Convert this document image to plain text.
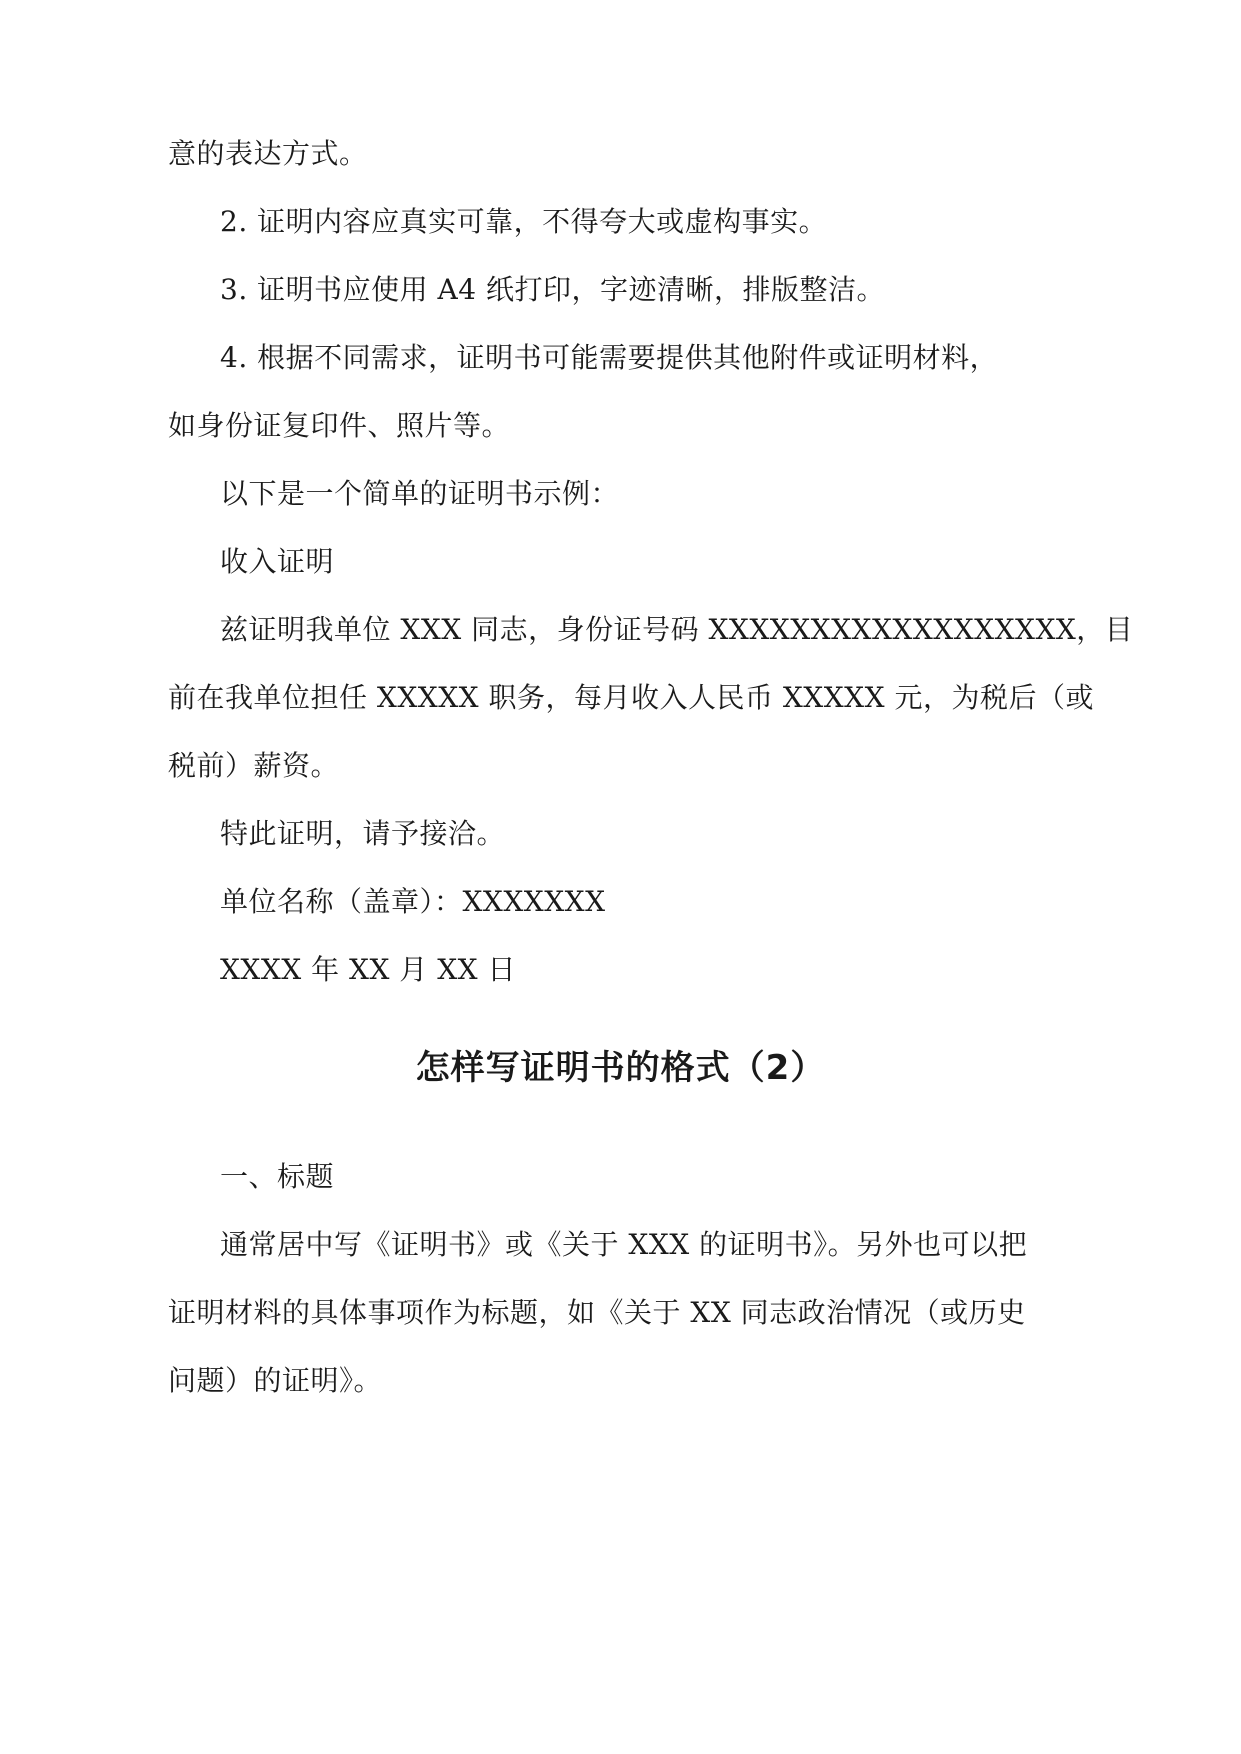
意的表达方式。
2. 证明内容应真实可靠，不得夸大或虚构事实。
3. 证明书应使用 A4 纸打印，字迹清晰，排版整洁。
4. 根据不同需求，证明书可能需要提供其他附件或证明材料，
如身份证复印件、照片等。
以下是一个简单的证明书示例：
收入证明
兹证明我单位 XXX 同志，身份证号码 XXXXXXXXXXXXXXXXXX，目
前在我单位担任 XXXXX 职务，每月收入人民币 XXXXX 元，为税后（或
税前）薪资。
特此证明，请予接洽。
单位名称（盖章）：XXXXXXX
XXXX 年 XX 月 XX 日
怎样写证明书的格式（2）
一、标题
通常居中写《证明书》或《关于 XXX 的证明书》。另外也可以把
证明材料的具体事项作为标题，如《关于 XX 同志政治情况（或历史
问题）的证明》。
